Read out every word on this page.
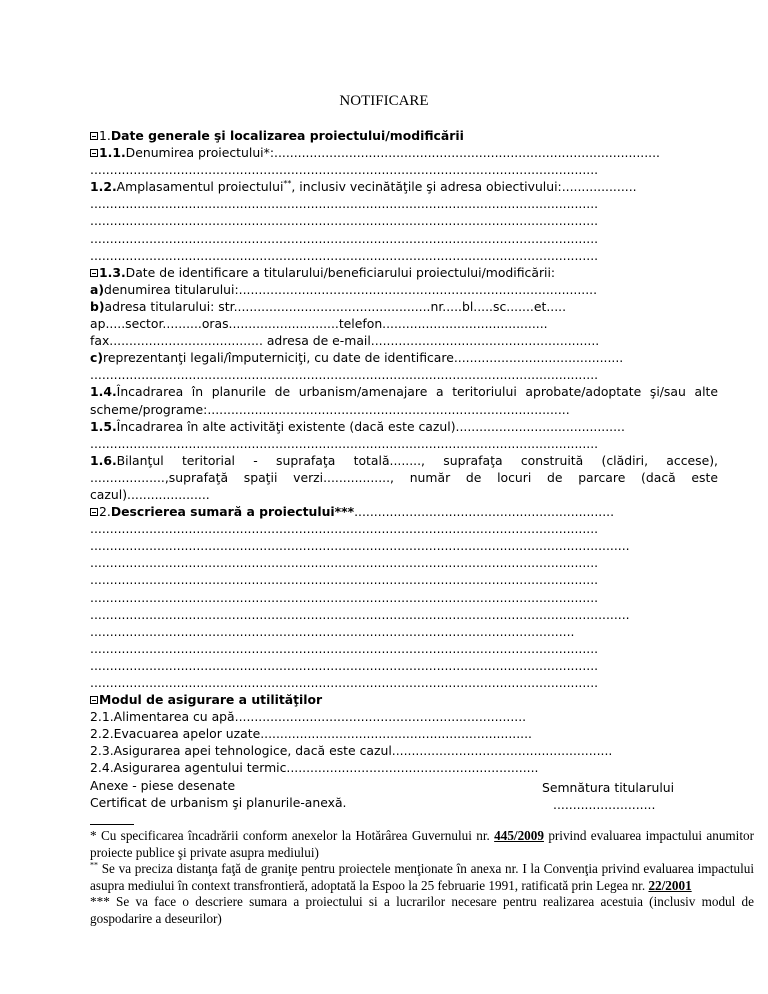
NOTIFICARE
1.Date generale şi localizarea proiectului/modificării
1.1.Denumirea proiectului*:..................................................................................................
.................................................................................................................................
1.2.Amplasamentul proiectului**, inclusiv vecinătăţile şi adresa obiectivului:...................
.................................................................................................................................
.................................................................................................................................
.................................................................................................................................
.................................................................................................................................
1.3.Date de identificare a titularului/beneficiarului proiectului/modificării:
a)denumirea titularului:...........................................................................................
b)adresa titularului: str..................................................nr.....bl.....sc.......et.....
ap.....sector..........oras............................telefon..........................................
fax....................................... adresa de e-mail..........................................................
c)reprezentanţi legali/împuterniciţi, cu date de identificare...........................................
.................................................................................................................................
1.4.Încadrarea în planurile de urbanism/amenajare a teritoriului aprobate/adoptate şi/sau alte scheme/programe:............................................................................................
1.5.Încadrarea în alte activităţi existente (dacă este cazul)...........................................
.................................................................................................................................
1.6.Bilanţul teritorial - suprafaţa totală........, suprafaţa construită (clădiri, accese), ...................,suprafaţă spaţii verzi................., număr de locuri de parcare (dacă este cazul).....................
2.Descrierea sumară a proiectului***..................................................................
.................................................................................................................................
.........................................................................................................................................
.................................................................................................................................
.................................................................................................................................
.................................................................................................................................
.........................................................................................................................................
...........................................................................................................................
.................................................................................................................................
.................................................................................................................................
.................................................................................................................................
Modul de asigurare a utilităţilor
2.1.Alimentarea cu apă..........................................................................
2.2.Evacuarea apelor uzate.....................................................................
2.3.Asigurarea apei tehnologice, dacă este cazul........................................................
2.4.Asigurarea agentului termic................................................................
Anexe - piese desenate
Certificat de urbanism şi planurile-anexă.
Semnătura titularului
..........................

* Cu specificarea încadrării conform anexelor la Hotărârea Guvernului nr. 445/2009 privind evaluarea impactului anumitor proiecte publice şi private asupra mediului)

** Se va preciza distanţa faţă de graniţe pentru proiectele menţionate în anexa nr. I la Convenţia privind evaluarea impactului asupra mediului în context transfrontieră, adoptată la Espoo la 25 februarie 1991, ratificată prin Legea nr. 22/2001

*** Se va face o descriere sumara a proiectului si a lucrarilor necesare pentru realizarea acestuia (inclusiv modul de gospodarire a deseurilor)
